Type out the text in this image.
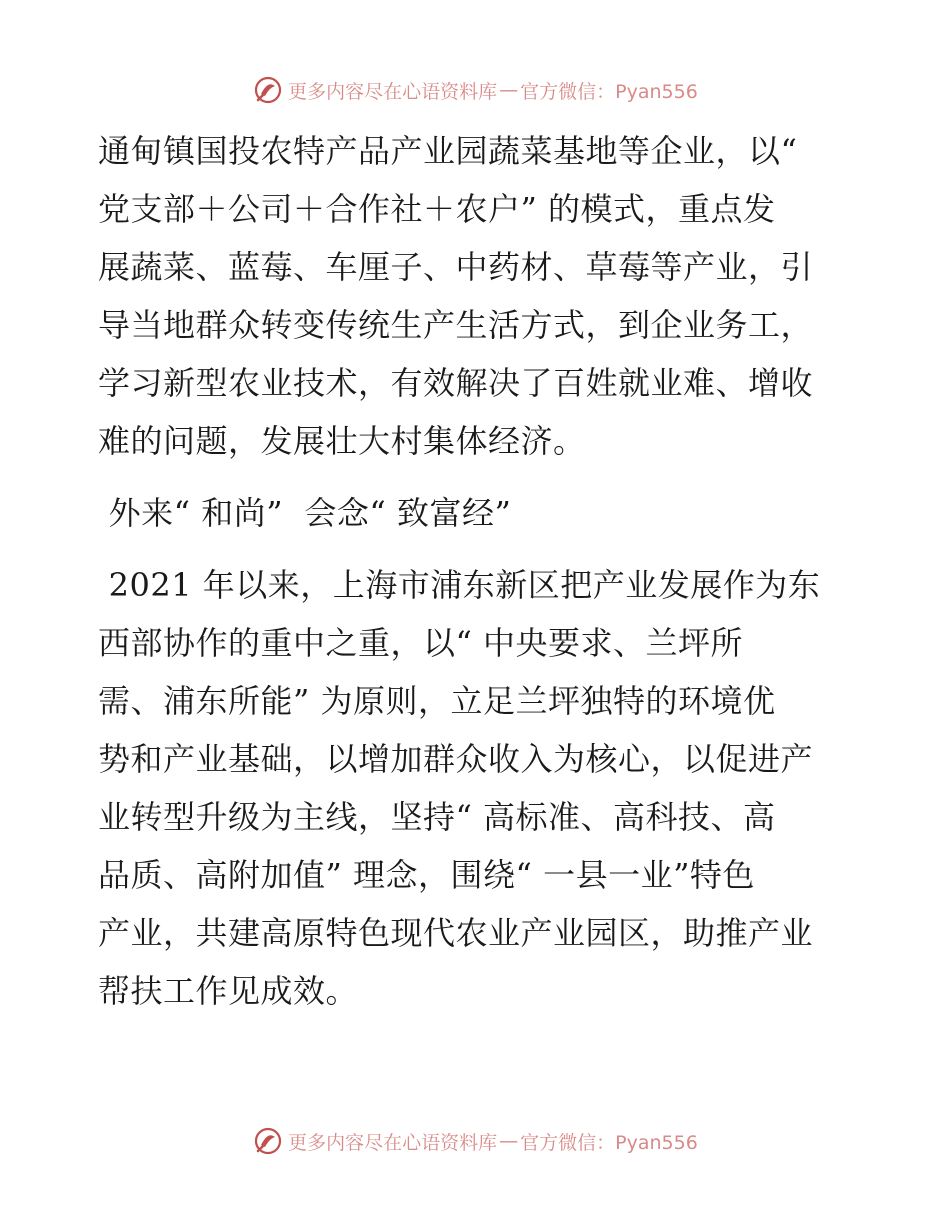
更多内容尽在心语资料库 — 官方微信：Pyan556

通甸镇国投农特产品产业园蔬菜基地等企业，以“
党支部＋公司＋合作社＋农户” 的模式，重点发
展蔬菜、蓝莓、车厘子、中药材、草莓等产业，引
导当地群众转变传统生产生活方式，到企业务工，
学习新型农业技术，有效解决了百姓就业难、增收
难的问题，发展壮大村集体经济。

外来“ 和尚”  会念“ 致富经”

2021 年以来，上海市浦东新区把产业发展作为东
西部协作的重中之重，以“ 中央要求、兰坪所
需、浦东所能” 为原则，立足兰坪独特的环境优
势和产业基础，以增加群众收入为核心，以促进产
业转型升级为主线，坚持“ 高标准、高科技、高
品质、高附加值” 理念，围绕“ 一县一业”特色
产业，共建高原特色现代农业产业园区，助推产业
帮扶工作见成效。

更多内容尽在心语资料库 — 官方微信：Pyan556
